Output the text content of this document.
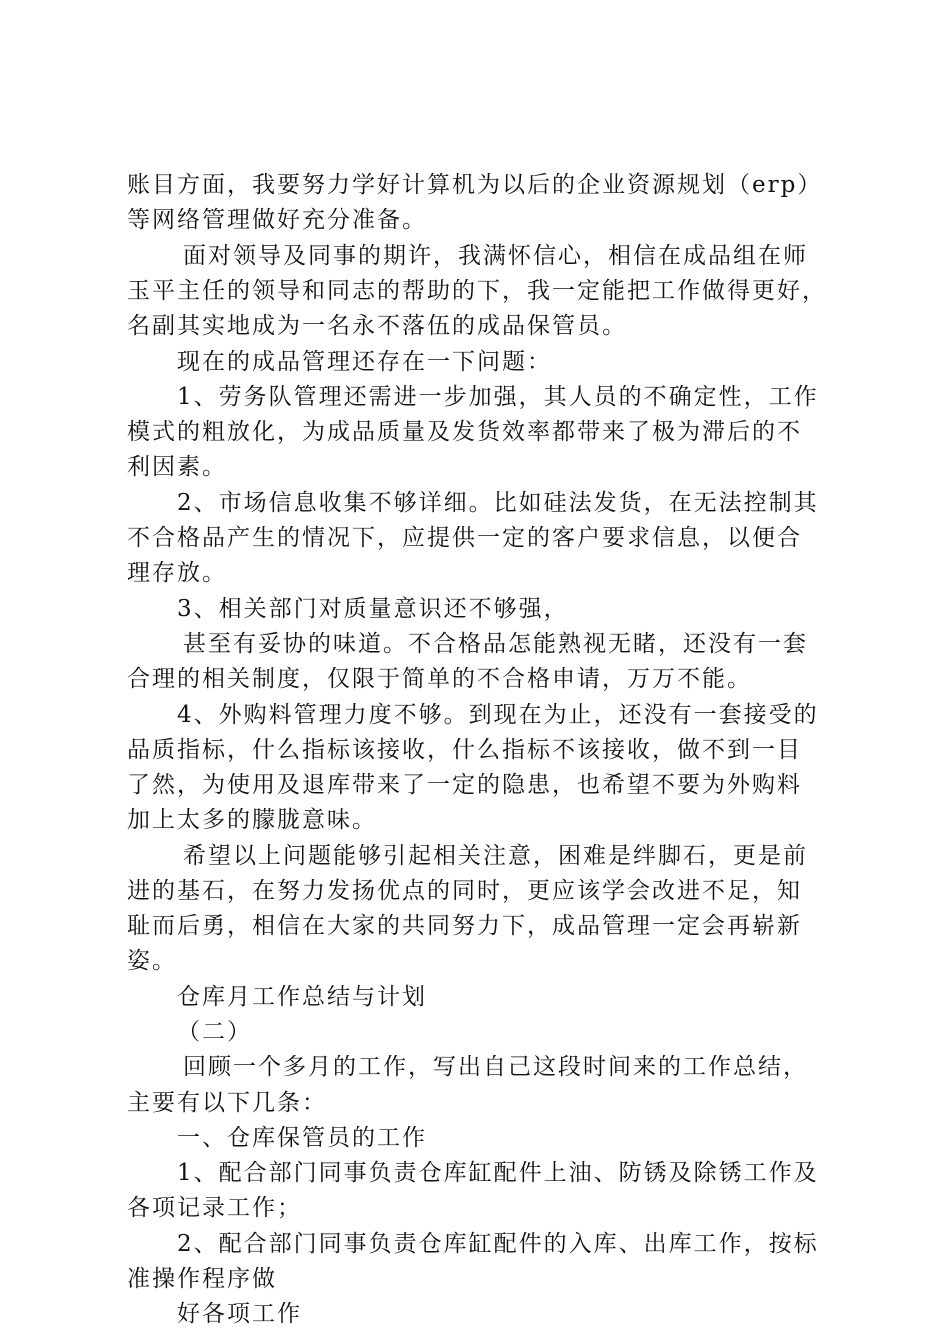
账目方面，我要努力学好计算机为以后的企业资源规划（erp）
等网络管理做好充分准备。
面对领导及同事的期许，我满怀信心，相信在成品组在师
玉平主任的领导和同志的帮助的下，我一定能把工作做得更好，
名副其实地成为一名永不落伍的成品保管员。
现在的成品管理还存在一下问题：
1、劳务队管理还需进一步加强，其人员的不确定性，工作
模式的粗放化，为成品质量及发货效率都带来了极为滞后的不
利因素。
2、市场信息收集不够详细。比如硅法发货，在无法控制其
不合格品产生的情况下，应提供一定的客户要求信息，以便合
理存放。
3、相关部门对质量意识还不够强，
甚至有妥协的味道。不合格品怎能熟视无睹，还没有一套
合理的相关制度，仅限于简单的不合格申请，万万不能。
4、外购料管理力度不够。到现在为止，还没有一套接受的
品质指标，什么指标该接收，什么指标不该接收，做不到一目
了然，为使用及退库带来了一定的隐患，也希望不要为外购料
加上太多的朦胧意味。
希望以上问题能够引起相关注意，困难是绊脚石，更是前
进的基石，在努力发扬优点的同时，更应该学会改进不足，知
耻而后勇，相信在大家的共同努力下，成品管理一定会再崭新
姿。
仓库月工作总结与计划
（二）
回顾一个多月的工作，写出自己这段时间来的工作总结，
主要有以下几条：
一、仓库保管员的工作
1、配合部门同事负责仓库缸配件上油、防锈及除锈工作及
各项记录工作；
2、配合部门同事负责仓库缸配件的入库、出库工作，按标
准操作程序做
好各项工作
